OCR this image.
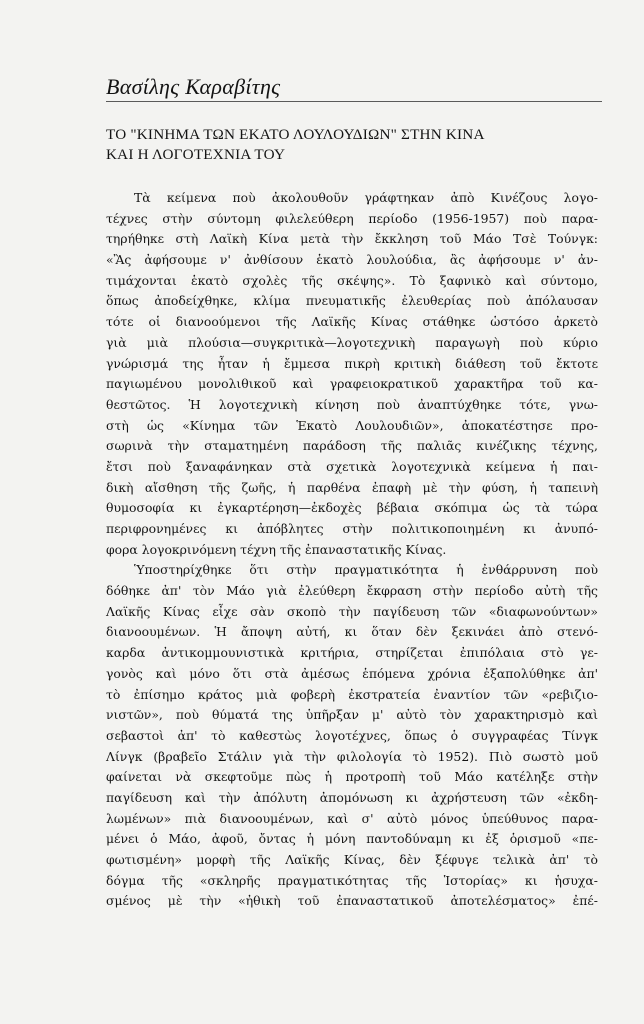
Βασίλης Καραβίτης
ΤΟ "ΚΙΝΗΜΑ ΤΩΝ ΕΚΑΤΟ ΛΟΥΛΟΥΔΙΩΝ" ΣΤΗΝ ΚΙΝΑ
ΚΑΙ Η ΛΟΓΟΤΕΧΝΙΑ ΤΟΥ
Τὰ κείμενα ποὺ ἀκολουθοῦν γράφτηκαν ἀπὸ Κινέζους λογο-
τέχνες στὴν σύντομη φιλελεύθερη περίοδο (1956-1957) ποὺ παρα-
τηρήθηκε στὴ Λαϊκὴ Κίνα μετὰ τὴν ἔκκληση τοῦ Μάο Τσὲ Τούνγκ:
«Ἂς ἀφήσουμε ν' ἀνθίσουν ἑκατὸ λουλούδια, ἂς ἀφήσουμε ν' ἀν-
τιμάχονται ἑκατὸ σχολὲς τῆς σκέψης». Τὸ ξαφνικὸ καὶ σύντομο,
ὅπως ἀποδείχθηκε, κλίμα πνευματικῆς ἐλευθερίας ποὺ ἀπόλαυσαν
τότε οἱ διανοούμενοι τῆς Λαϊκῆς Κίνας στάθηκε ὡστόσο ἀρκετὸ
γιὰ μιὰ πλούσια—συγκριτικὰ—λογοτεχνικὴ παραγωγὴ ποὺ κύριο
γνώρισμά της ἦταν ἡ ἔμμεσα πικρὴ κριτικὴ διάθεση τοῦ ἔκτοτε
παγιωμένου μονολιθικοῦ καὶ γραφειοκρατικοῦ χαρακτῆρα τοῦ κα-
θεστῶτος. Ἡ λογοτεχνικὴ κίνηση ποὺ ἀναπτύχθηκε τότε, γνω-
στὴ ὡς «Κίνημα τῶν Ἑκατὸ Λουλουδιῶν», ἀποκατέστησε προ-
σωρινὰ τὴν σταματημένη παράδοση τῆς παλιᾶς κινέζικης τέχνης,
ἔτσι ποὺ ξαναφάνηκαν στὰ σχετικὰ λογοτεχνικὰ κείμενα ἡ παι-
δικὴ αἴσθηση τῆς ζωῆς, ἡ παρθένα ἐπαφὴ μὲ τὴν φύση, ἡ ταπεινὴ
θυμοσοφία κι ἐγκαρτέρηση—ἐκδοχὲς βέβαια σκόπιμα ὡς τὰ τώρα
περιφρονημένες κι ἀπόβλητες στὴν πολιτικοποιημένη κι ἀνυπό-
φορα λογοκρινόμενη τέχνη τῆς ἐπαναστατικῆς Κίνας.
Ὑποστηρίχθηκε ὅτι στὴν πραγματικότητα ἡ ἐνθάρρυνση ποὺ
δόθηκε ἀπ' τὸν Μάο γιὰ ἐλεύθερη ἔκφραση στὴν περίοδο αὐτὴ τῆς
Λαϊκῆς Κίνας εἶχε σὰν σκοπὸ τὴν παγίδευση τῶν «διαφωνούντων»
διανοουμένων. Ἡ ἄποψη αὐτή, κι ὅταν δὲν ξεκινάει ἀπὸ στενό-
καρδα ἀντικομμουνιστικὰ κριτήρια, στηρίζεται ἐπιπόλαια στὸ γε-
γονὸς καὶ μόνο ὅτι στὰ ἀμέσως ἑπόμενα χρόνια ἐξαπολύθηκε ἀπ'
τὸ ἐπίσημο κράτος μιὰ φοβερὴ ἐκστρατεία ἐναντίον τῶν «ρεβιζιο-
νιστῶν», ποὺ θύματά της ὑπῆρξαν μ' αὐτὸ τὸν χαρακτηρισμὸ καὶ
σεβαστοὶ ἀπ' τὸ καθεστὼς λογοτέχνες, ὅπως ὁ συγγραφέας Τίνγκ
Λίνγκ (βραβεῖο Στάλιν γιὰ τὴν φιλολογία τὸ 1952). Πιὸ σωστὸ μοῦ
φαίνεται νὰ σκεφτοῦμε πὼς ἡ προτροπὴ τοῦ Μάο κατέληξε στὴν
παγίδευση καὶ τὴν ἀπόλυτη ἀπομόνωση κι ἀχρήστευση τῶν «ἐκδη-
λωμένων» πιὰ διανοουμένων, καὶ σ' αὐτὸ μόνος ὑπεύθυνος παρα-
μένει ὁ Μάο, ἀφοῦ, ὄντας ἡ μόνη παντοδύναμη κι ἐξ ὁρισμοῦ «πε-
φωτισμένη» μορφὴ τῆς Λαϊκῆς Κίνας, δὲν ξέφυγε τελικὰ ἀπ' τὸ
δόγμα τῆς «σκληρῆς πραγματικότητας τῆς Ἱστορίας» κι ἡσυχα-
σμένος μὲ τὴν «ἠθικὴ τοῦ ἐπαναστατικοῦ ἀποτελέσματος» ἐπέ-
